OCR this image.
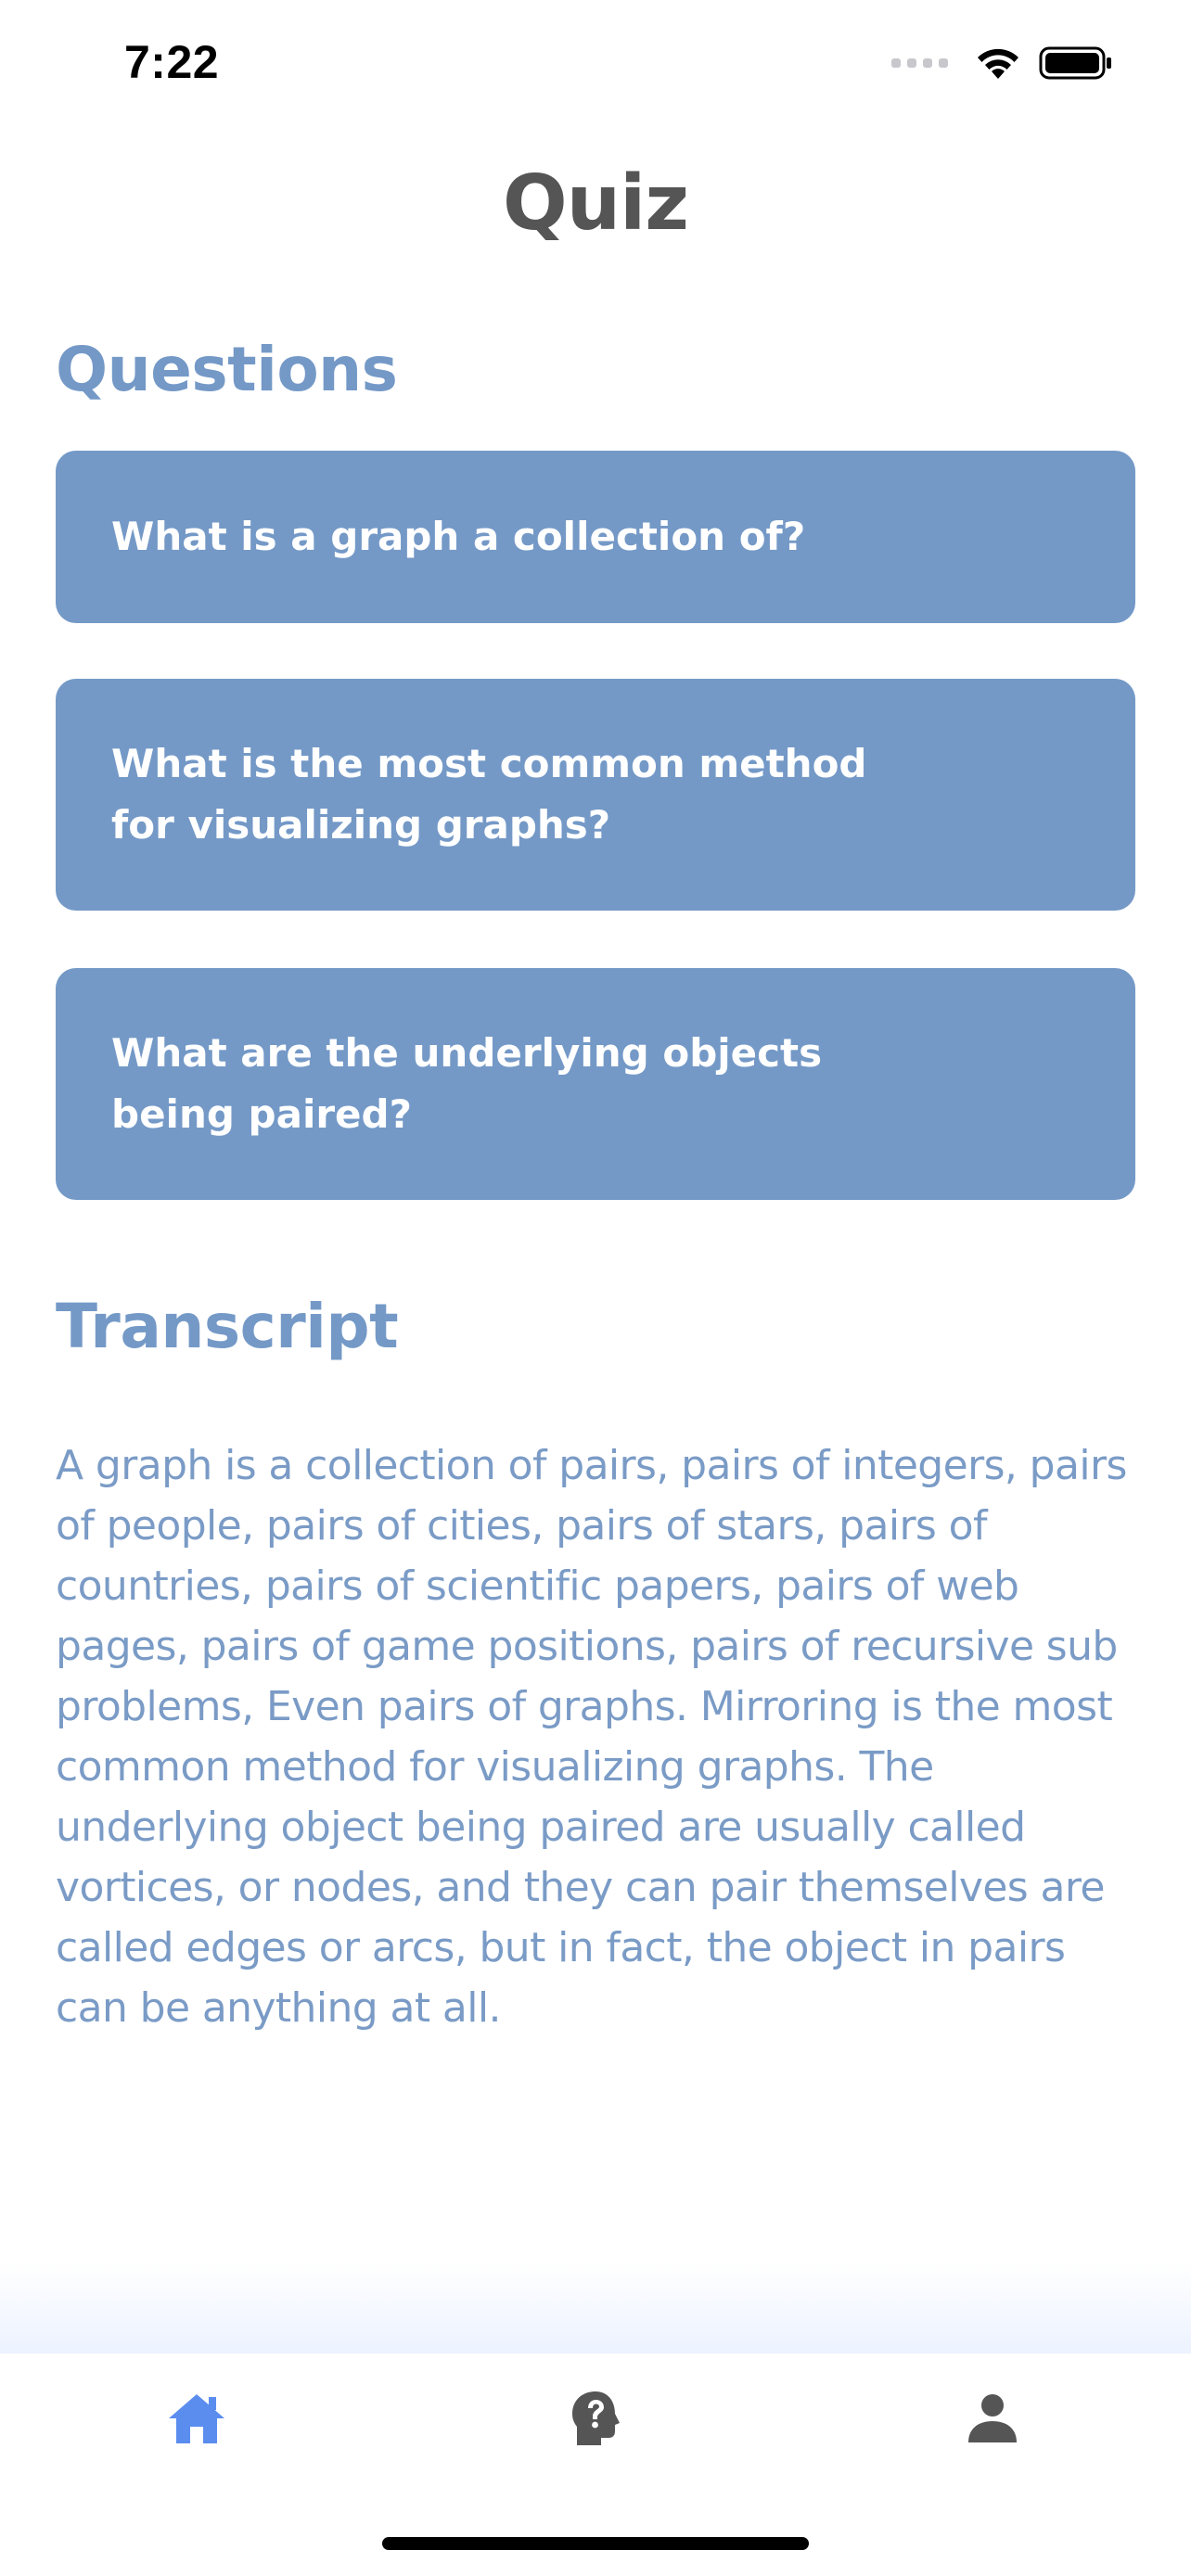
7:22
Quiz
Questions
What is a graph a collection of?
What is the most common method for visualizing graphs?
What are the underlying objects being paired?
Transcript
A graph is a collection of pairs, pairs of integers, pairs of people, pairs of cities, pairs of stars, pairs of countries, pairs of scientific papers, pairs of web pages, pairs of game positions, pairs of recursive sub problems, Even pairs of graphs. Mirroring is the most common method for visualizing graphs. The underlying object being paired are usually called vortices, or nodes, and they can pair themselves are called edges or arcs, but in fact, the object in pairs can be anything at all.
